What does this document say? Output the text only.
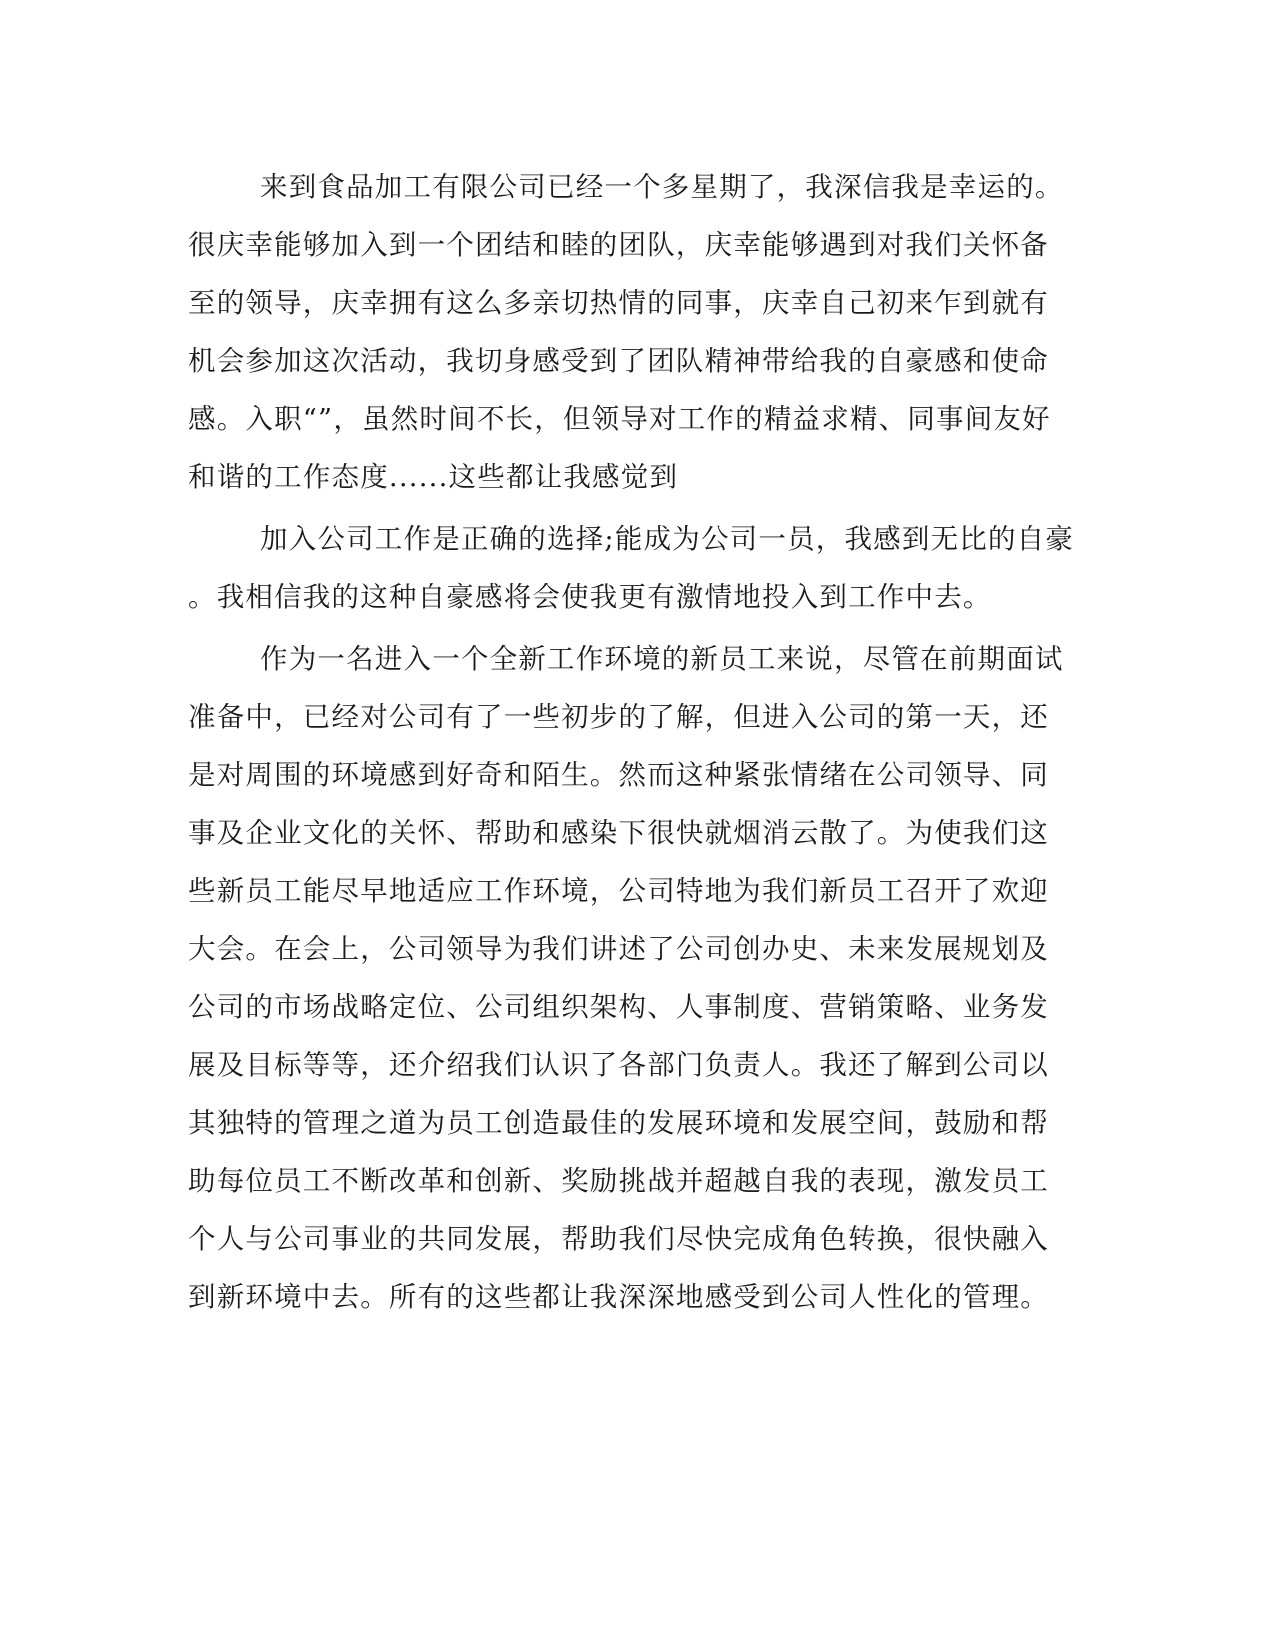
来到食品加工有限公司已经一个多星期了，我深信我是幸运的。
很庆幸能够加入到一个团结和睦的团队，庆幸能够遇到对我们关怀备
至的领导，庆幸拥有这么多亲切热情的同事，庆幸自己初来乍到就有
机会参加这次活动，我切身感受到了团队精神带给我的自豪感和使命
感。入职“”，虽然时间不长，但领导对工作的精益求精、同事间友好
和谐的工作态度......这些都让我感觉到
加入公司工作是正确的选择;能成为公司一员，我感到无比的自豪
。我相信我的这种自豪感将会使我更有激情地投入到工作中去。
作为一名进入一个全新工作环境的新员工来说，尽管在前期面试
准备中，已经对公司有了一些初步的了解，但进入公司的第一天，还
是对周围的环境感到好奇和陌生。然而这种紧张情绪在公司领导、同
事及企业文化的关怀、帮助和感染下很快就烟消云散了。为使我们这
些新员工能尽早地适应工作环境，公司特地为我们新员工召开了欢迎
大会。在会上，公司领导为我们讲述了公司创办史、未来发展规划及
公司的市场战略定位、公司组织架构、人事制度、营销策略、业务发
展及目标等等，还介绍我们认识了各部门负责人。我还了解到公司以
其独特的管理之道为员工创造最佳的发展环境和发展空间，鼓励和帮
助每位员工不断改革和创新、奖励挑战并超越自我的表现，激发员工
个人与公司事业的共同发展，帮助我们尽快完成角色转换，很快融入
到新环境中去。所有的这些都让我深深地感受到公司人性化的管理。
